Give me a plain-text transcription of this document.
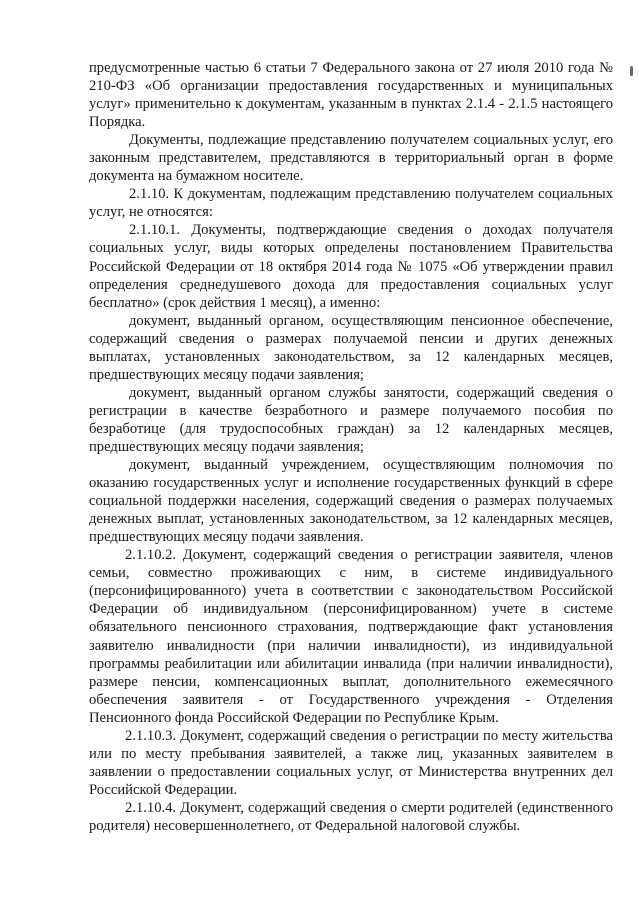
предусмотренные частью 6 статьи 7 Федерального закона от 27 июля 2010 года № 210-ФЗ «Об организации предоставления государственных и муниципальных услуг» применительно к документам, указанным в пунктах 2.1.4 - 2.1.5 настоящего Порядка.

Документы, подлежащие представлению получателем социальных услуг, его законным представителем, представляются в территориальный орган в форме документа на бумажном носителе.

2.1.10. К документам, подлежащим представлению получателем социальных услуг, не относятся:

2.1.10.1. Документы, подтверждающие сведения о доходах получателя социальных услуг, виды которых определены постановлением Правительства Российской Федерации от 18 октября 2014 года № 1075 «Об утверждении правил определения среднедушевого дохода для предоставления социальных услуг бесплатно» (срок действия 1 месяц), а именно:

документ, выданный органом, осуществляющим пенсионное обеспечение, содержащий сведения о размерах получаемой пенсии и других денежных выплатах, установленных законодательством, за 12 календарных месяцев, предшествующих месяцу подачи заявления;

документ, выданный органом службы занятости, содержащий сведения о регистрации в качестве безработного и размере получаемого пособия по безработице (для трудоспособных граждан) за 12 календарных месяцев, предшествующих месяцу подачи заявления;

документ, выданный учреждением, осуществляющим полномочия по оказанию государственных услуг и исполнение государственных функций в сфере социальной поддержки населения, содержащий сведения о размерах получаемых денежных выплат, установленных законодательством, за 12 календарных месяцев, предшествующих месяцу подачи заявления.

2.1.10.2. Документ, содержащий сведения о регистрации заявителя, членов семьи, совместно проживающих с ним, в системе индивидуального (персонифицированного) учета в соответствии с законодательством Российской Федерации об индивидуальном (персонифицированном) учете в системе обязательного пенсионного страхования, подтверждающие факт установления заявителю инвалидности (при наличии инвалидности), из индивидуальной программы реабилитации или абилитации инвалида (при наличии инвалидности), размере пенсии, компенсационных выплат, дополнительного ежемесячного обеспечения заявителя - от Государственного учреждения - Отделения Пенсионного фонда Российской Федерации по Республике Крым.

2.1.10.3. Документ, содержащий сведения о регистрации по месту жительства или по месту пребывания заявителей, а также лиц, указанных заявителем в заявлении о предоставлении социальных услуг, от Министерства внутренних дел Российской Федерации.

2.1.10.4. Документ, содержащий сведения о смерти родителей (единственного родителя) несовершеннолетнего, от Федеральной налоговой службы.
